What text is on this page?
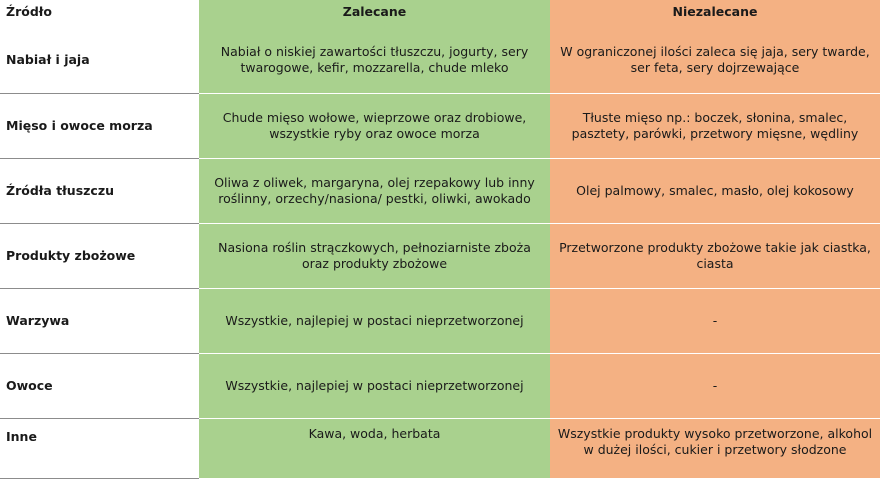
Źródło	Zalecane	Niezalecane
Nabiał i jaja	Nabiał o niskiej zawartości tłuszczu, jogurty, sery twarogowe, kefir, mozzarella, chude mleko	W ograniczonej ilości zaleca się jaja, sery twarde, ser feta, sery dojrzewające
Mięso i owoce morza	Chude mięso wołowe, wieprzowe oraz drobiowe, wszystkie ryby oraz owoce morza	Tłuste mięso np.: boczek, słonina, smalec, pasztety, parówki, przetwory mięsne, wędliny
Źródła tłuszczu	Oliwa z oliwek, margaryna, olej rzepakowy lub inny roślinny, orzechy/nasiona/ pestki, oliwki, awokado	Olej palmowy, smalec, masło, olej kokosowy
Produkty zbożowe	Nasiona roślin strączkowych, pełnoziarniste zboża oraz produkty zbożowe	Przetworzone produkty zbożowe takie jak ciastka, ciasta
Warzywa	Wszystkie, najlepiej w postaci nieprzetworzonej	-
Owoce	Wszystkie, najlepiej w postaci nieprzetworzonej	-
Inne	Kawa, woda, herbata	Wszystkie produkty wysoko przetworzone, alkohol w dużej ilości, cukier i przetwory słodzone
